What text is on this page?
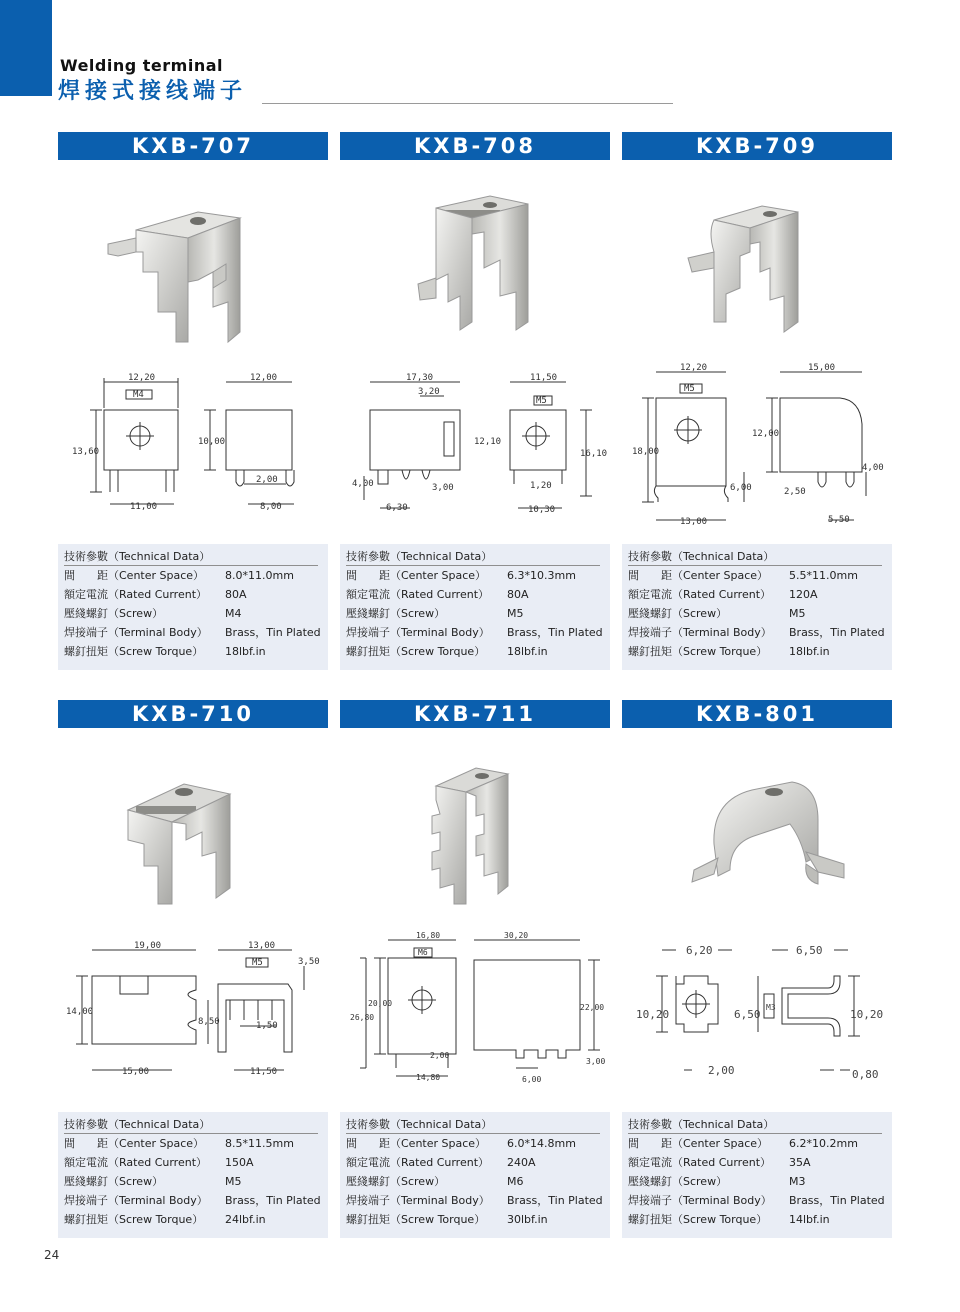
Welding terminal
焊接式接线端子
KXB-707
12,20
M4
13,60
11,00
12,00
10,00
2,00
8,00
技術參數（Technical Data）
間　　距（Center Space）	8.0*11.0mm
額定電流（Rated Current）	80A
壓綫螺釘（Screw）	M4
焊接端子（Terminal Body）	Brass，Tin Plated
螺釘扭矩（Screw Torque）	18lbf.in
KXB-708
17,30
3,20
12,10
4,00	3,00
6,30
11,50
M5
16,10
1,20
10,30
技術參數（Technical Data）
間　　距（Center Space）	6.3*10.3mm
額定電流（Rated Current）	80A
壓綫螺釘（Screw）	M5
焊接端子（Terminal Body）	Brass，Tin Plated
螺釘扭矩（Screw Torque）	18lbf.in
KXB-709
12,20
M5
18,00
13,00
15,00
12,00
6,00	2,50
4,00
5,50
技術參數（Technical Data）
間　　距（Center Space）	5.5*11.0mm
額定電流（Rated Current）	120A
壓綫螺釘（Screw）	M5
焊接端子（Terminal Body）	Brass，Tin Plated
螺釘扭矩（Screw Torque）	18lbf.in
KXB-710
19,00
14,00
15,00
8,50
13,00
M5	3,50
1,50
11,50
技術參數（Technical Data）
間　　距（Center Space）	8.5*11.5mm
額定電流（Rated Current）	150A
壓綫螺釘（Screw）	M5
焊接端子（Terminal Body）	Brass，Tin Plated
螺釘扭矩（Screw Torque）	24lbf.in
KXB-711
16,80
M6
20,00
26,80
2,00
14,80
30,20
22,00
3,00
6,00
技術參數（Technical Data）
間　　距（Center Space）	6.0*14.8mm
額定電流（Rated Current）	240A
壓綫螺釘（Screw）	M6
焊接端子（Terminal Body）	Brass，Tin Plated
螺釘扭矩（Screw Torque）	30lbf.in
KXB-801
6,20
10,20
2,00
6,50
M3
6,50
10,20
0,80
技術參數（Technical Data）
間　　距（Center Space）	6.2*10.2mm
額定電流（Rated Current）	35A
壓綫螺釘（Screw）	M3
焊接端子（Terminal Body）	Brass，Tin Plated
螺釘扭矩（Screw Torque）	14lbf.in
24
